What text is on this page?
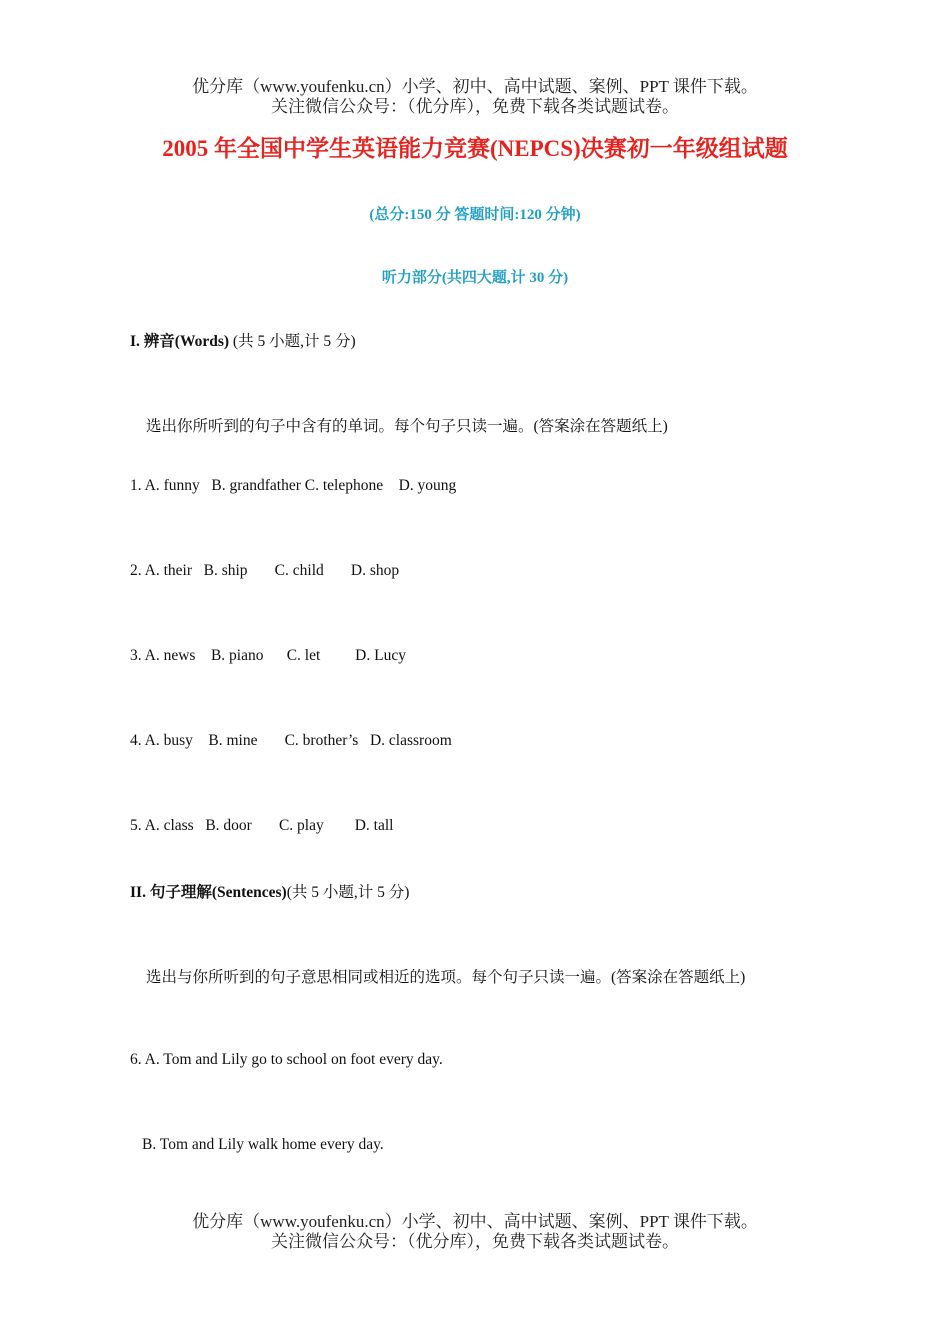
优分库（www.youfenku.cn）小学、初中、高中试题、案例、PPT 课件下载。
关注微信公众号：（优分库），免费下载各类试题试卷。
2005 年全国中学生英语能力竞赛(NEPCS)决赛初一年级组试题
(总分:150 分 答题时间:120 分钟)
听力部分(共四大题,计 30 分)
I. 辨音(Words) (共 5 小题,计 5 分)
选出你所听到的句子中含有的单词。每个句子只读一遍。(答案涂在答题纸上)
1. A. funny   B. grandfather C. telephone    D. young
2. A. their   B. ship       C. child       D. shop
3. A. news    B. piano      C. let         D. Lucy
4. A. busy    B. mine       C. brother’s   D. classroom
5. A. class   B. door       C. play        D. tall
II. 句子理解(Sentences)(共 5 小题,计 5 分)
选出与你所听到的句子意思相同或相近的选项。每个句子只读一遍。(答案涂在答题纸上)
6. A. Tom and Lily go to school on foot every day.
B. Tom and Lily walk home every day.
优分库（www.youfenku.cn）小学、初中、高中试题、案例、PPT 课件下载。
关注微信公众号：（优分库），免费下载各类试题试卷。
